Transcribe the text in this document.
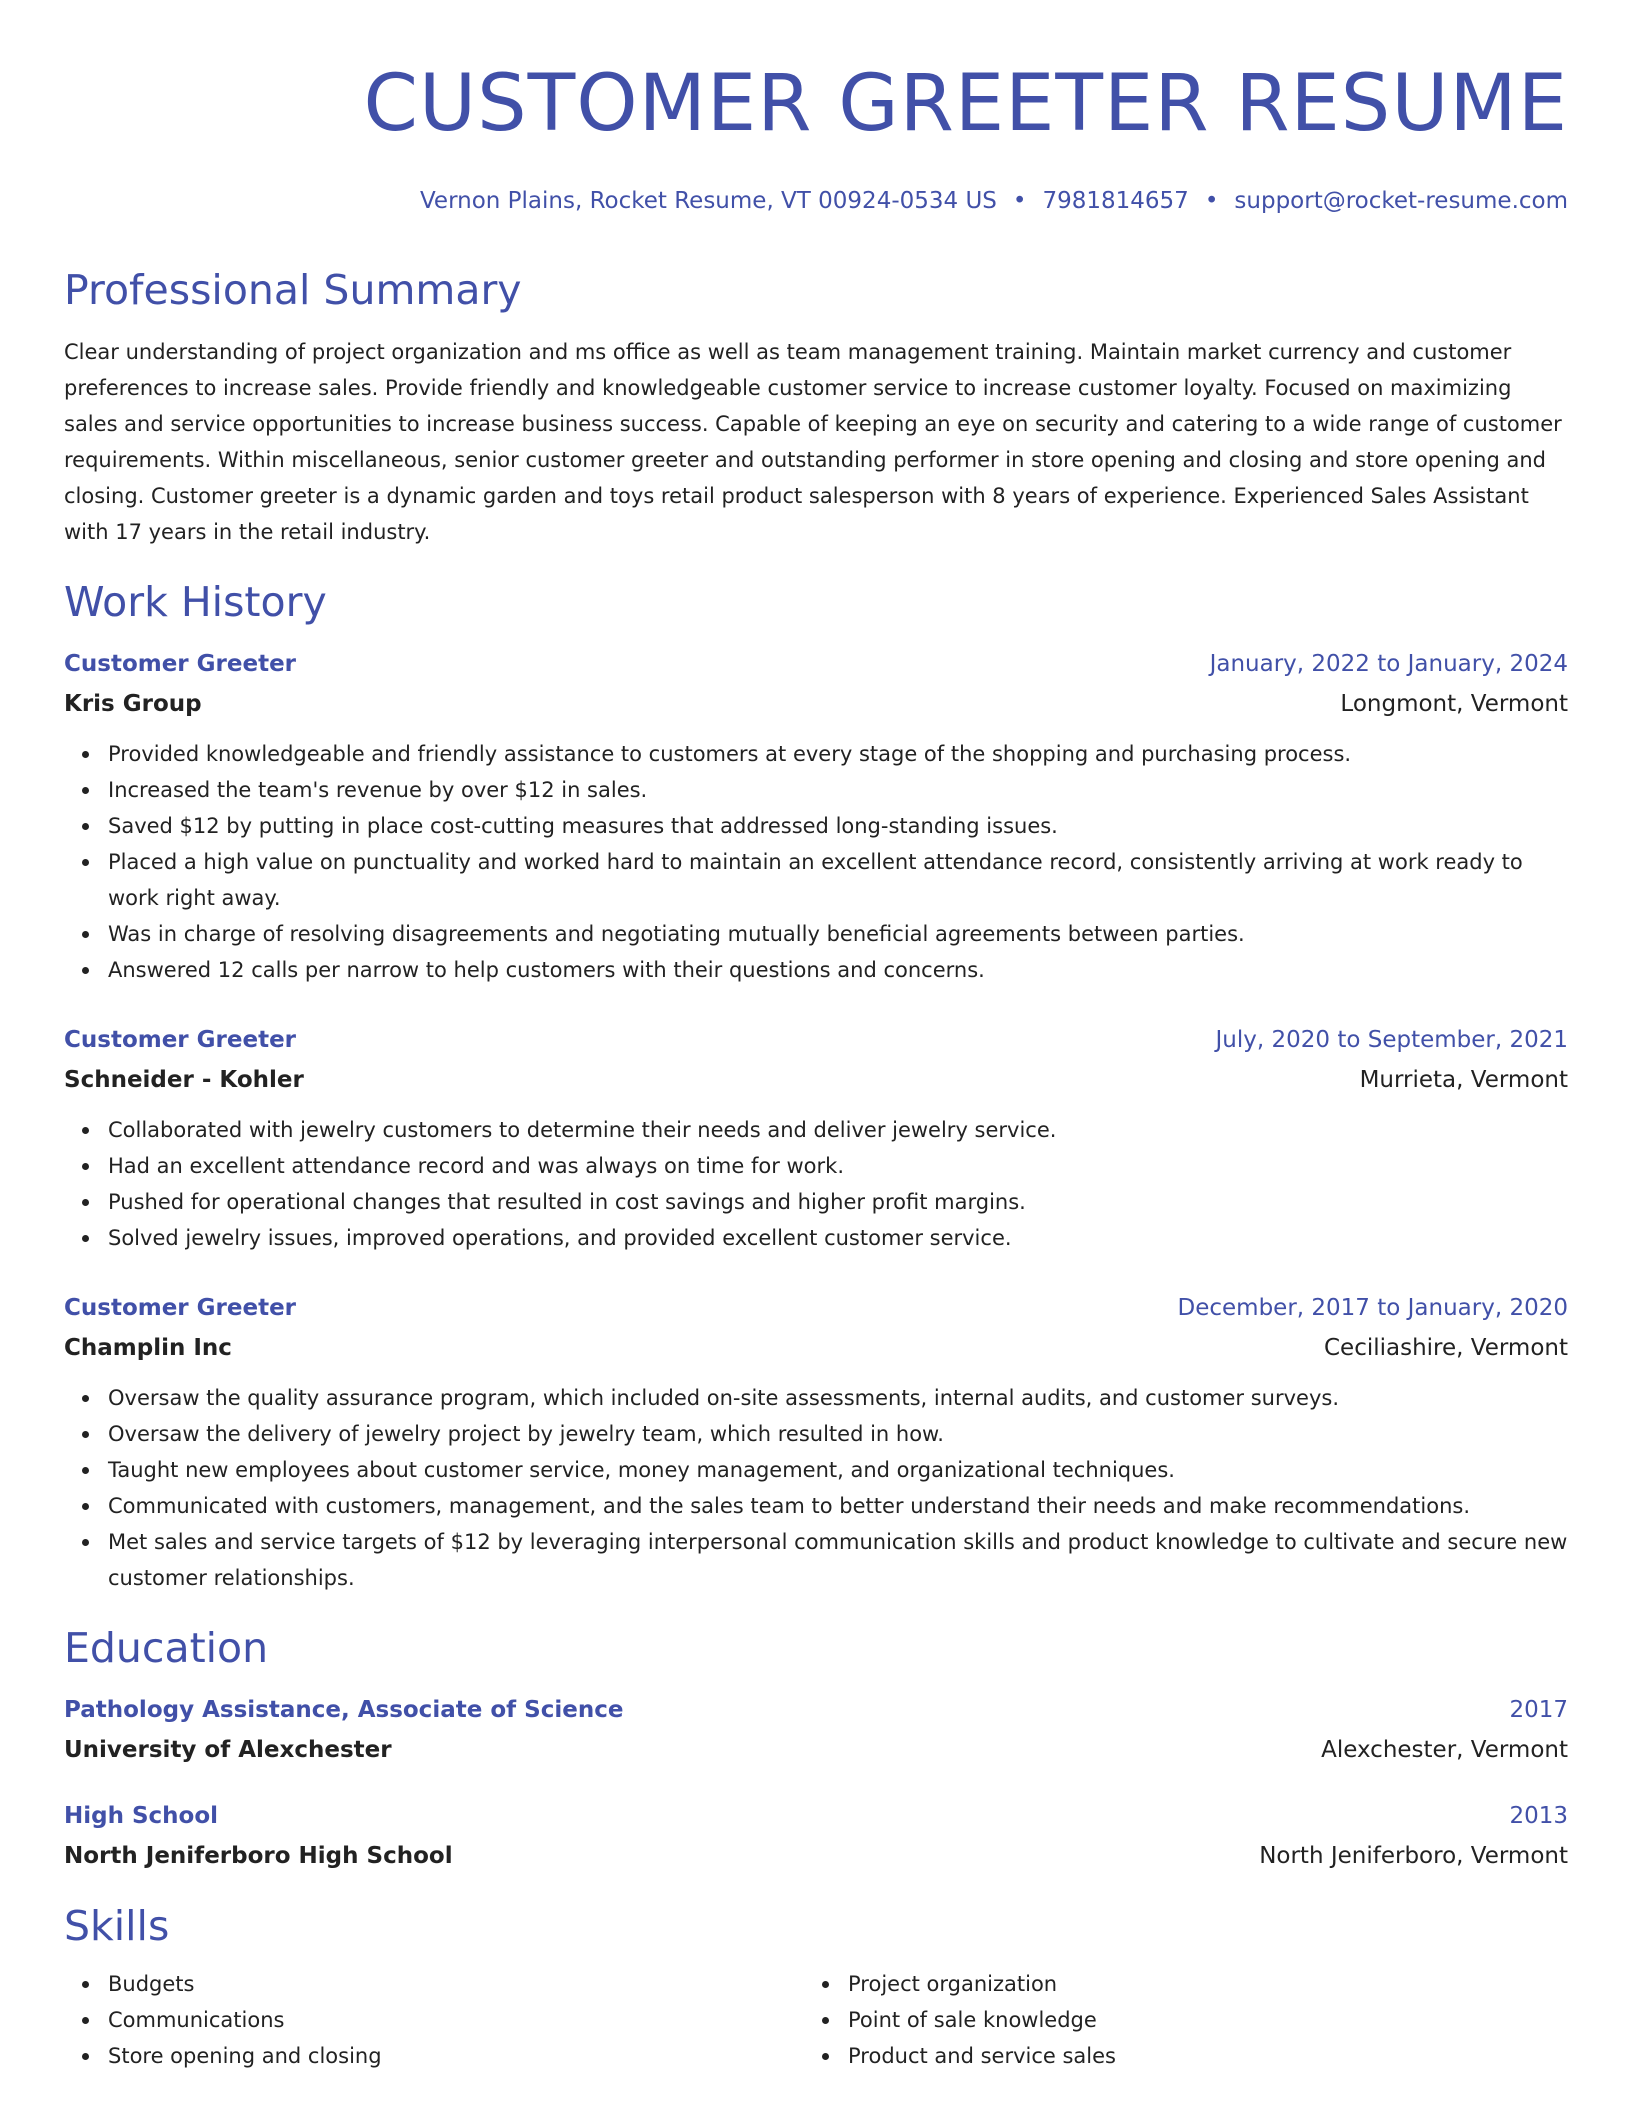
CUSTOMER GREETER RESUME
Vernon Plains, Rocket Resume, VT 00924-0534 US • 7981814657 • support@rocket-resume.com
Professional Summary

Clear understanding of project organization and ms office as well as team management training. Maintain market currency and customer preferences to increase sales. Provide friendly and knowledgeable customer service to increase customer loyalty. Focused on maximizing sales and service opportunities to increase business success. Capable of keeping an eye on security and catering to a wide range of customer requirements. Within miscellaneous, senior customer greeter and outstanding performer in store opening and closing and store opening and closing. Customer greeter is a dynamic garden and toys retail product salesperson with 8 years of experience. Experienced Sales Assistant with 17 years in the retail industry.

Work History
Customer Greeter	January, 2022 to January, 2024
Kris Group	Longmont, Vermont
Provided knowledgeable and friendly assistance to customers at every stage of the shopping and purchasing process.
Increased the team's revenue by over $12 in sales.
Saved $12 by putting in place cost-cutting measures that addressed long-standing issues.
Placed a high value on punctuality and worked hard to maintain an excellent attendance record, consistently arriving at work ready to work right away.
Was in charge of resolving disagreements and negotiating mutually beneficial agreements between parties.
Answered 12 calls per narrow to help customers with their questions and concerns.
Customer Greeter	July, 2020 to September, 2021
Schneider - Kohler	Murrieta, Vermont
Collaborated with jewelry customers to determine their needs and deliver jewelry service.
Had an excellent attendance record and was always on time for work.
Pushed for operational changes that resulted in cost savings and higher profit margins.
Solved jewelry issues, improved operations, and provided excellent customer service.
Customer Greeter	December, 2017 to January, 2020
Champlin Inc	Ceciliashire, Vermont
Oversaw the quality assurance program, which included on-site assessments, internal audits, and customer surveys.
Oversaw the delivery of jewelry project by jewelry team, which resulted in how.
Taught new employees about customer service, money management, and organizational techniques.
Communicated with customers, management, and the sales team to better understand their needs and make recommendations.
Met sales and service targets of $12 by leveraging interpersonal communication skills and product knowledge to cultivate and secure new customer relationships.
Education
Pathology Assistance, Associate of Science	2017
University of Alexchester	Alexchester, Vermont
High School	2013
North Jeniferboro High School	North Jeniferboro, Vermont
Skills
Budgets
Communications
Store opening and closing
Project organization
Point of sale knowledge
Product and service sales
